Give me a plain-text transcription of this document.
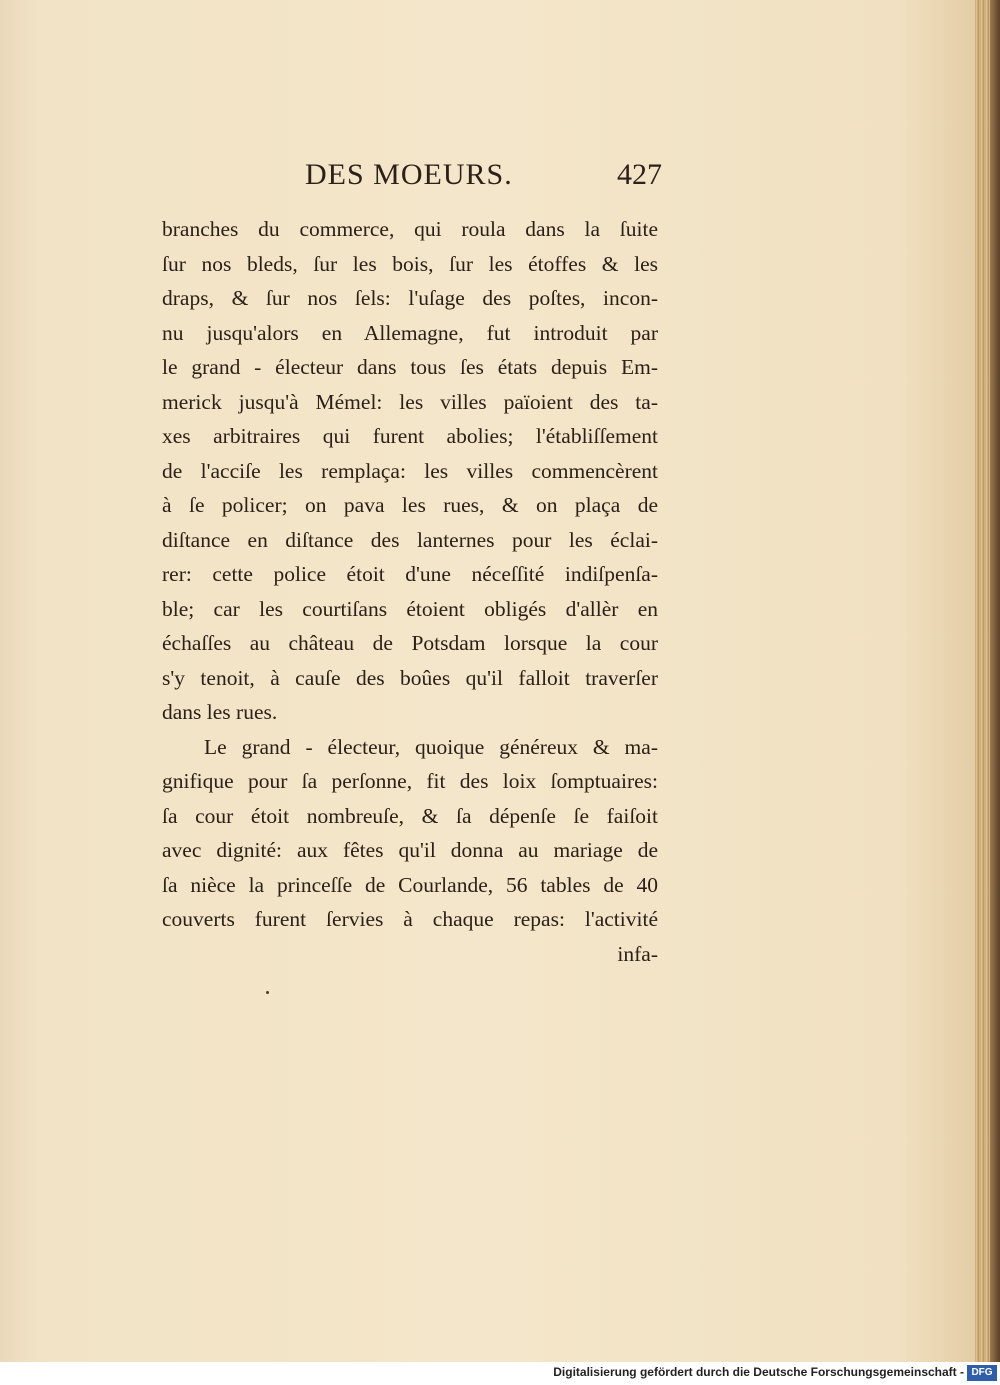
DES MOEURS.	427
branches du commerce, qui roula dans la ſuite
ſur nos bleds, ſur les bois, ſur les étoffes & les
draps, & ſur nos ſels: l'uſage des poſtes, incon-
nu jusqu'alors en Allemagne, fut introduit par
le grand - électeur dans tous ſes états depuis Em-
merick jusqu'à Mémel: les villes païoient des ta-
xes arbitraires qui furent abolies; l'établiſſement
de l'acciſe les remplaça: les villes commencèrent
à ſe policer; on pava les rues, & on plaça de
diſtance en diſtance des lanternes pour les éclai-
rer: cette police étoit d'une néceſſité indiſpenſa-
ble; car les courtiſans étoient obligés d'allèr en
échaſſes au château de Potsdam lorsque la cour
s'y tenoit, à cauſe des boûes qu'il falloit traverſer
dans les rues.
Le grand - électeur, quoique généreux & ma-
gnifique pour ſa perſonne, fit des loix ſomptuaires:
ſa cour étoit nombreuſe, & ſa dépenſe ſe faiſoit
avec dignité: aux fêtes qu'il donna au mariage de
ſa nièce la princeſſe de Courlande, 56 tables de 40
couverts furent ſervies à chaque repas: l'activité
infa-
Digitalisierung gefördert durch die Deutsche Forschungsgemeinschaft - DFG
